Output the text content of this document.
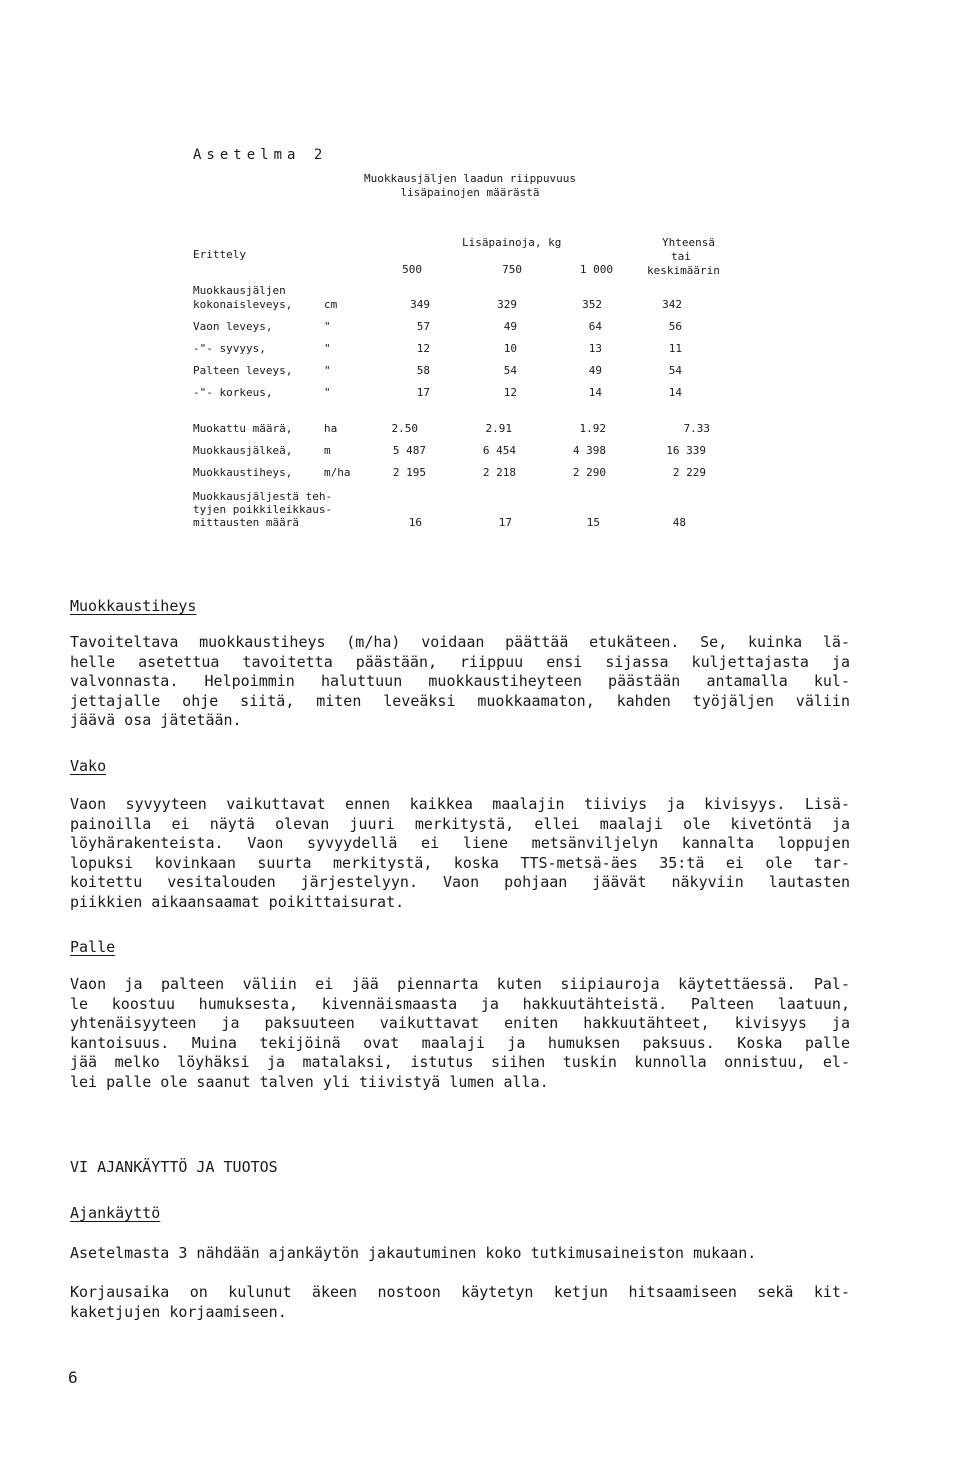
Asetelma 2
Muokkausjäljen laadun riippuvuus
lisäpainojen määrästä
Erittely
Lisäpainoja, kg	Yhteensä
tai
keskimäärin
500	750	1 000
Muokkausjäljen
kokonaisleveys,	cm	349	329	352	342
Vaon leveys,	"	57	49	64	56
-"- syvyys,	"	12	10	13	11
Palteen leveys,	"	58	54	49	54
-"- korkeus,	"	17	12	14	14
Muokattu määrä,	ha	2.50	2.91	1.92	7.33
Muokkausjälkeä,	m	5 487	6 454	4 398	16 339
Muokkaustiheys,	m/ha	2 195	2 218	2 290	2 229
Muokkausjäljestä teh-
tyjen poikkileikkaus-
mittausten määrä	16	17	15	48
Muokkaustiheys
Tavoiteltava muokkaustiheys (m/ha) voidaan päättää etukäteen. Se, kuinka lä-
helle asetettua tavoitetta päästään, riippuu ensi sijassa kuljettajasta ja
valvonnasta. Helpoimmin haluttuun muokkaustiheyteen päästään antamalla kul-
jettajalle ohje siitä, miten leveäksi muokkaamaton, kahden työjäljen väliin
jäävä osa jätetään.
Vako
Vaon syvyyteen vaikuttavat ennen kaikkea maalajin tiiviys ja kivisyys. Lisä-
painoilla ei näytä olevan juuri merkitystä, ellei maalaji ole kivetöntä ja
löyhärakenteista. Vaon syvyydellä ei liene metsänviljelyn kannalta loppujen
lopuksi kovinkaan suurta merkitystä, koska TTS-metsä-äes 35:tä ei ole tar-
koitettu vesitalouden järjestelyyn. Vaon pohjaan jäävät näkyviin lautasten
piikkien aikaansaamat poikittaisurat.
Palle
Vaon ja palteen väliin ei jää piennarta kuten siipiauroja käytettäessä. Pal-
le koostuu humuksesta, kivennäismaasta ja hakkuutähteistä. Palteen laatuun,
yhtenäisyyteen ja paksuuteen vaikuttavat eniten hakkuutähteet, kivisyys ja
kantoisuus. Muina tekijöinä ovat maalaji ja humuksen paksuus. Koska palle
jää melko löyhäksi ja matalaksi, istutus siihen tuskin kunnolla onnistuu, el-
lei palle ole saanut talven yli tiivistyä lumen alla.
VI AJANKÄYTTÖ JA TUOTOS
Ajankäyttö
Asetelmasta 3 nähdään ajankäytön jakautuminen koko tutkimusaineiston mukaan.
Korjausaika on kulunut äkeen nostoon käytetyn ketjun hitsaamiseen sekä kit-
kaketjujen korjaamiseen.
6
